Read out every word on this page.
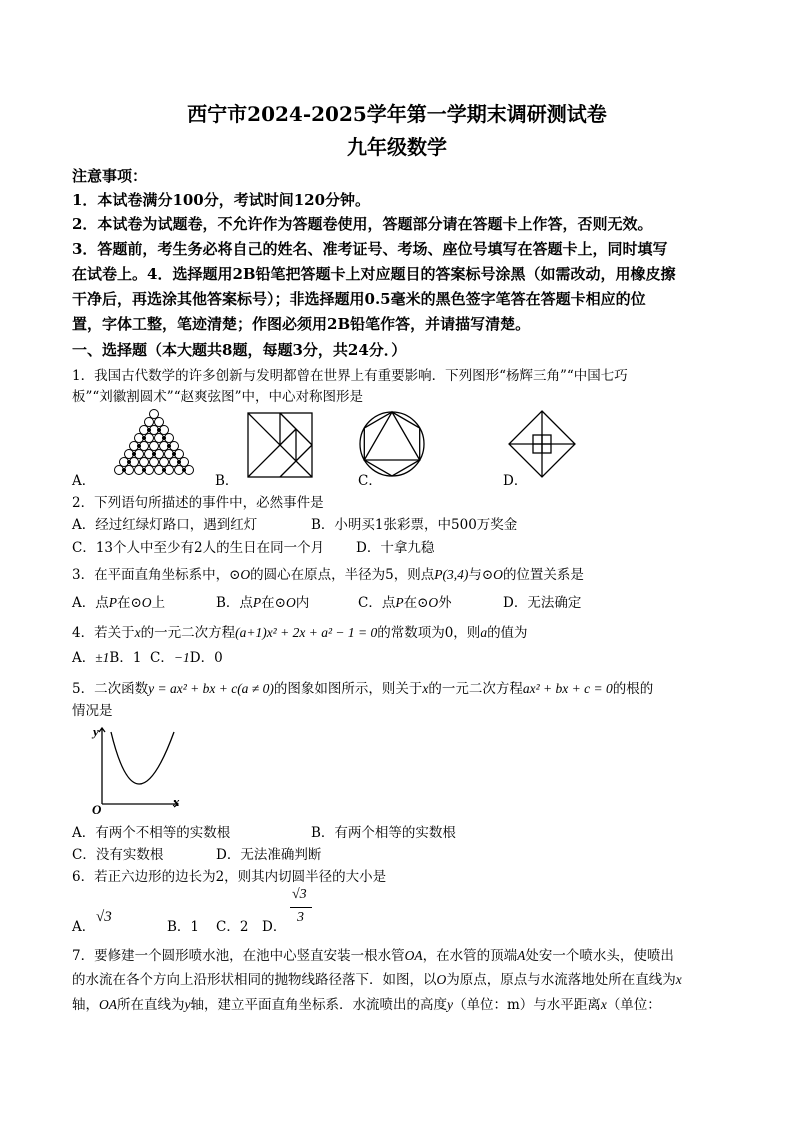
西宁市2024-2025学年第一学期末调研测试卷
九年级数学
注意事项：
1．本试卷满分100分，考试时间120分钟。
2．本试卷为试题卷，不允许作为答题卷使用，答题部分请在答题卡上作答，否则无效。
3．答题前，考生务必将自己的姓名、准考证号、考场、座位号填写在答题卡上，同时填写
在试卷上。4．选择题用2B铅笔把答题卡上对应题目的答案标号涂黑（如需改动，用橡皮擦
干净后，再选涂其他答案标号）；非选择题用0.5毫米的黑色签字笔答在答题卡相应的位
置，字体工整，笔迹清楚；作图必须用2B铅笔作答，并请描写清楚。
一、选择题（本大题共8题，每题3分，共24分．）
1．我国古代数学的许多创新与发明都曾在世界上有重要影响．下列图形“杨辉三角”“中国七巧
板”“刘徽割圆术”“赵爽弦图”中，中心对称图形是
A．	B．	C．	D．
2．下列语句所描述的事件中，必然事件是
A．经过红绿灯路口，遇到红灯	B．小明买1张彩票，中500万奖金
C．13个人中至少有2人的生日在同一个月 D．十拿九稳
3．在平面直角坐标系中，⊙O的圆心在原点，半径为5，则点P(3,4)与⊙O的位置关系是
A．点P在⊙O上	B．点P在⊙O内	C．点P在⊙O外	D．无法确定
4．若关于x的一元二次方程(a+1)x² + 2x + a² − 1 = 0的常数项为0，则a的值为
A．±1B．1 C．−1D．0
5．二次函数y = ax² + bx + c(a ≠ 0)的图象如图所示，则关于x的一元二次方程ax² + bx + c = 0的根的
情况是
y
x
O
A．有两个不相等的实数根	B．有两个相等的实数根
C．没有实数根	D．无法准确判断
6．若正六边形的边长为2，则其内切圆半径的大小是
A．
√3
B．1 C．2 D．
√3
3
7．要修建一个圆形喷水池，在池中心竖直安装一根水管OA，在水管的顶端A处安一个喷水头，使喷出
的水流在各个方向上沿形状相同的抛物线路径落下．如图，以O为原点，原点与水流落地处所在直线为x
轴，OA所在直线为y轴，建立平面直角坐标系．水流喷出的高度y（单位：m）与水平距离x（单位：
